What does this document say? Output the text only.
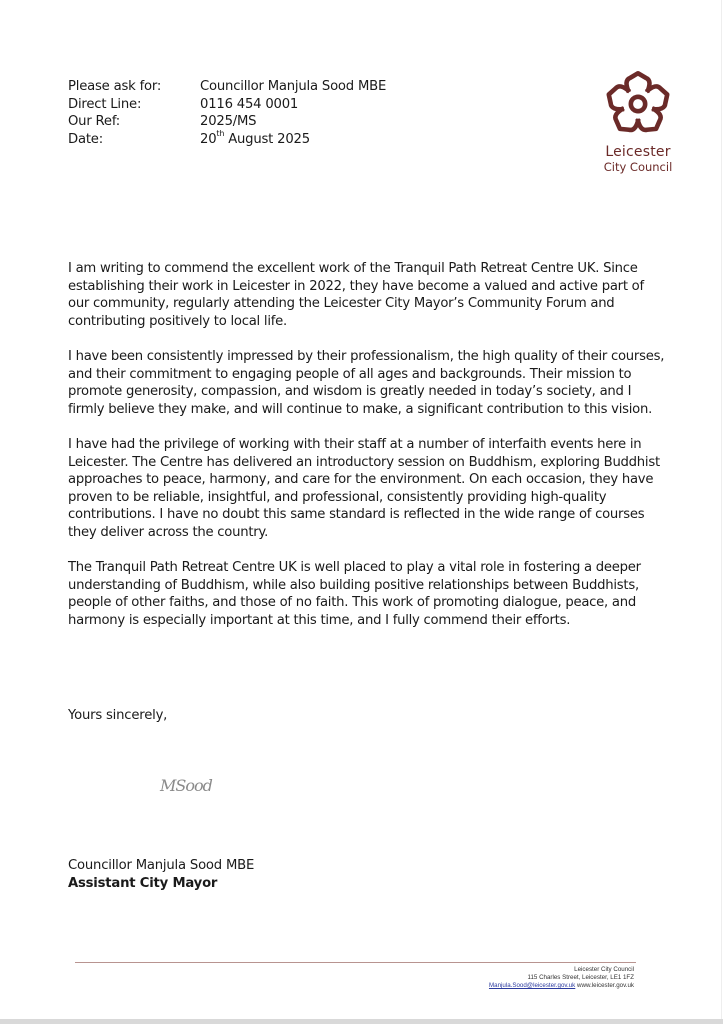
Please ask for:	Councillor Manjula Sood MBE
Direct Line:	0116 454 0001
Our Ref:	2025/MS
Date:	20th August 2025
Leicester
City Council

I am writing to commend the excellent work of the Tranquil Path Retreat Centre UK. Since establishing their work in Leicester in 2022, they have become a valued and active part of our community, regularly attending the Leicester City Mayor’s Community Forum and contributing positively to local life.

I have been consistently impressed by their professionalism, the high quality of their courses, and their commitment to engaging people of all ages and backgrounds. Their mission to promote generosity, compassion, and wisdom is greatly needed in today’s society, and I firmly believe they make, and will continue to make, a significant contribution to this vision.

I have had the privilege of working with their staff at a number of interfaith events here in Leicester. The Centre has delivered an introductory session on Buddhism, exploring Buddhist approaches to peace, harmony, and care for the environment. On each occasion, they have proven to be reliable, insightful, and professional, consistently providing high-quality contributions. I have no doubt this same standard is reflected in the wide range of courses they deliver across the country.

The Tranquil Path Retreat Centre UK is well placed to play a vital role in fostering a deeper understanding of Buddhism, while also building positive relationships between Buddhists, people of other faiths, and those of no faith. This work of promoting dialogue, peace, and harmony is especially important at this time, and I fully commend their efforts.

Yours sincerely,
MSood
Councillor Manjula Sood MBE
Assistant City Mayor
Leicester City Council
115 Charles Street, Leicester, LE1 1FZ
Manjula.Sood@leicester.gov.uk www.leicester.gov.uk
